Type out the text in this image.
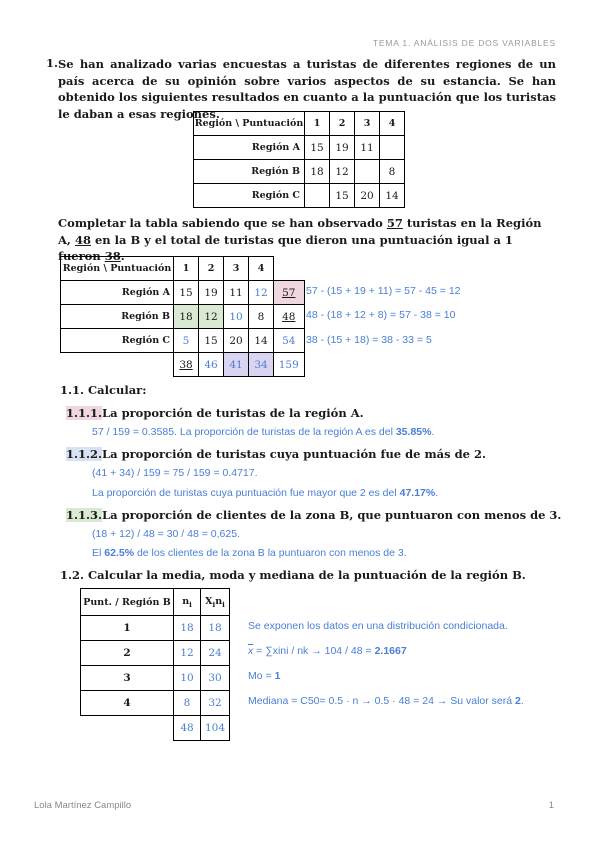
TEMA 1. ANÁLISIS DE DOS VARIABLES
1. Se han analizado varias encuestas a turistas de diferentes regiones de un país acerca de su opinión sobre varios aspectos de su estancia. Se han obtenido los siguientes resultados en cuanto a la puntuación que los turistas le daban a esas regiones.
Región \ Puntuación	1	2	3	4
Región A	15	19	11	
Región B	18	12		8
Región C		15	20	14
Completar la tabla sabiendo que se han observado 57 turistas en la Región A, 48 en la B y el total de turistas que dieron una puntuación igual a 1 fueron 38.
Región \ Puntuación	1	2	3	4	
Región A	15	19	11	12	57
Región B	18	12	10	8	48
Región C	5	15	20	14	54
	38	46	41	34	159
57 - (15 + 19 + 11) = 57 - 45 = 12
48 - (18 + 12 + 8) = 57 - 38 = 10
38 - (15 + 18) = 38 - 33 = 5
1.1. Calcular:
1.1.1.La proporción de turistas de la región A.
57 / 159 = 0.3585. La proporción de turistas de la región A es del 35.85%.
1.1.2.La proporción de turistas cuya puntuación fue de más de 2.
(41 + 34) / 159 = 75 / 159 = 0.4717.
La proporción de turistas cuya puntuación fue mayor que 2 es del 47.17%.
1.1.3.La proporción de clientes de la zona B, que puntuaron con menos de 3.
(18 + 12) / 48 = 30 / 48 = 0,625.
El 62.5% de los clientes de la zona B la puntuaron con menos de 3.
1.2. Calcular la media, moda y mediana de la puntuación de la región B.
Punt. / Región B	$n_i$	$X_in_i$
1	18	18
2	12	24
3	10	30
4	8	32
	48	104
Se exponen los datos en una distribución condicionada.
$\overline{x}$ = ∑xini / nk → 104 / 48 = 2.1667
Mo = 1
Mediana = C50= 0.5 · n → 0.5 · 48 = 24 → Su valor será 2.
Lola Martínez Campillo	1
